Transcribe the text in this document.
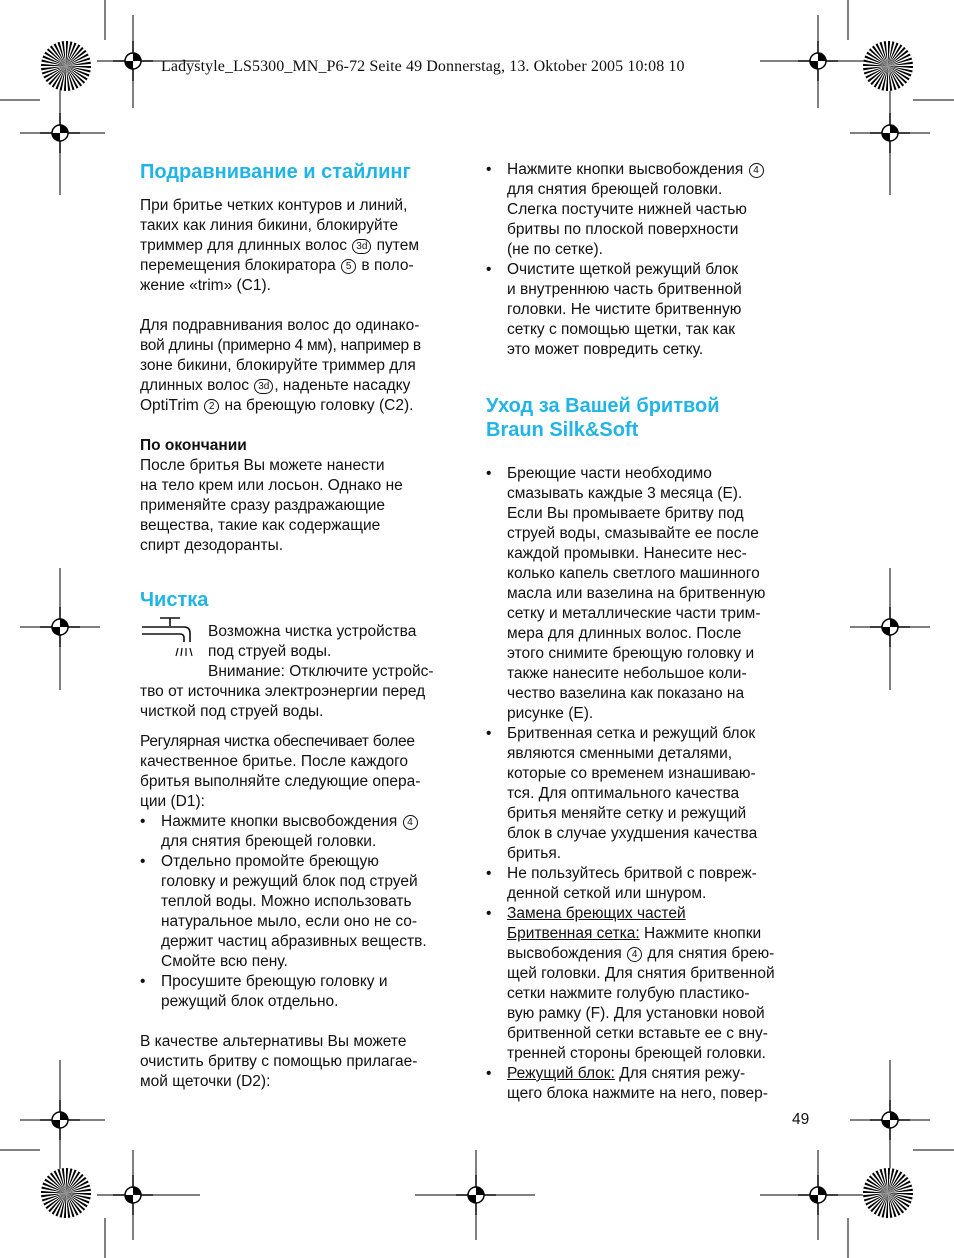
Ladystyle_LS5300_MN_P6-72 Seite 49 Donnerstag, 13. Oktober 2005 10:08 10
Подравнивание и стайлинг

При бритье четких контуров и линий,
таких как линия бикини, блокируйте
триммер для длинных волос 3d путем
перемещения блокиратора 5 в поло-
жение «trim» (C1).

Для подравнивания волос до одинако-
вой длины (примерно 4 мм), например в
зоне бикини, блокируйте триммер для
длинных волос 3d , наденьте насадку
OptiTrim 2 на бреющую головку (C2).

По окончании

После бритья Вы можете нанести
на тело крем или лосьон. Однако не
применяйте сразу раздражающие
вещества, такие как содержащие
спирт дезодоранты.

Чистка
Возможна чистка устройства
под струей воды.
Внимание: Отключите устройс-

тво от источника электроэнергии перед
чисткой под струей воды.

Регулярная чистка обеспечивает более
качественное бритье. После каждого
бритья выполняйте следующие опера-
ции (D1):

• Нажмите кнопки высвобождения 4
для снятия бреющей головки.
• Отдельно промойте бреющую
головку и режущий блок под струей
теплой воды. Можно использовать
натуральное мыло, если оно не со-
держит частиц абразивных веществ.
Смойте всю пену.
• Просушите бреющую головку и
режущий блок отдельно.

В качестве альтернативы Вы можете
очистить бритву с помощью прилагае-
мой щеточки (D2):

• Нажмите кнопки высвобождения 4
для снятия бреющей головки.
Слегка постучите нижней частью
бритвы по плоской поверхности
(не по сетке).
• Очистите щеткой режущий блок
и внутреннюю часть бритвенной
головки. Не чистите бритвенную
сетку с помощью щетки, так как
это может повредить сетку.
Уход за Вашей бритвой
Braun Silk&Soft
• Бреющие части необходимо
смазывать каждые 3 месяца (E).
Если Вы промываете бритву под
струей воды, смазывайте ее после
каждой промывки. Нанесите нес-
колько капель светлого машинного
масла или вазелина на бритвенную
сетку и металлические части трим-
мера для длинных волос. После
этого снимите бреющую головку и
также нанесите небольшое коли-
чество вазелина как показано на
рисунке (E).
• Бритвенная сетка и режущий блок
являются сменными деталями,
которые со временем изнашиваю-
тся. Для оптимального качества
бритья меняйте сетку и режущий
блок в случае ухудшения качества
бритья.
• Не пользуйтесь бритвой с повреж-
денной сеткой или шнуром.
• Замена бреющих частей
Бритвенная сетка: Нажмите кнопки
высвобождения 4 для снятия брею-
щей головки. Для снятия бритвенной
сетки нажмите голубую пластико-
вую рамку (F). Для установки новой
бритвенной сетки вставьте ее с вну-
тренней стороны бреющей головки.
• Режущий блок: Для снятия режу-
щего блока нажмите на него, повер-
49
